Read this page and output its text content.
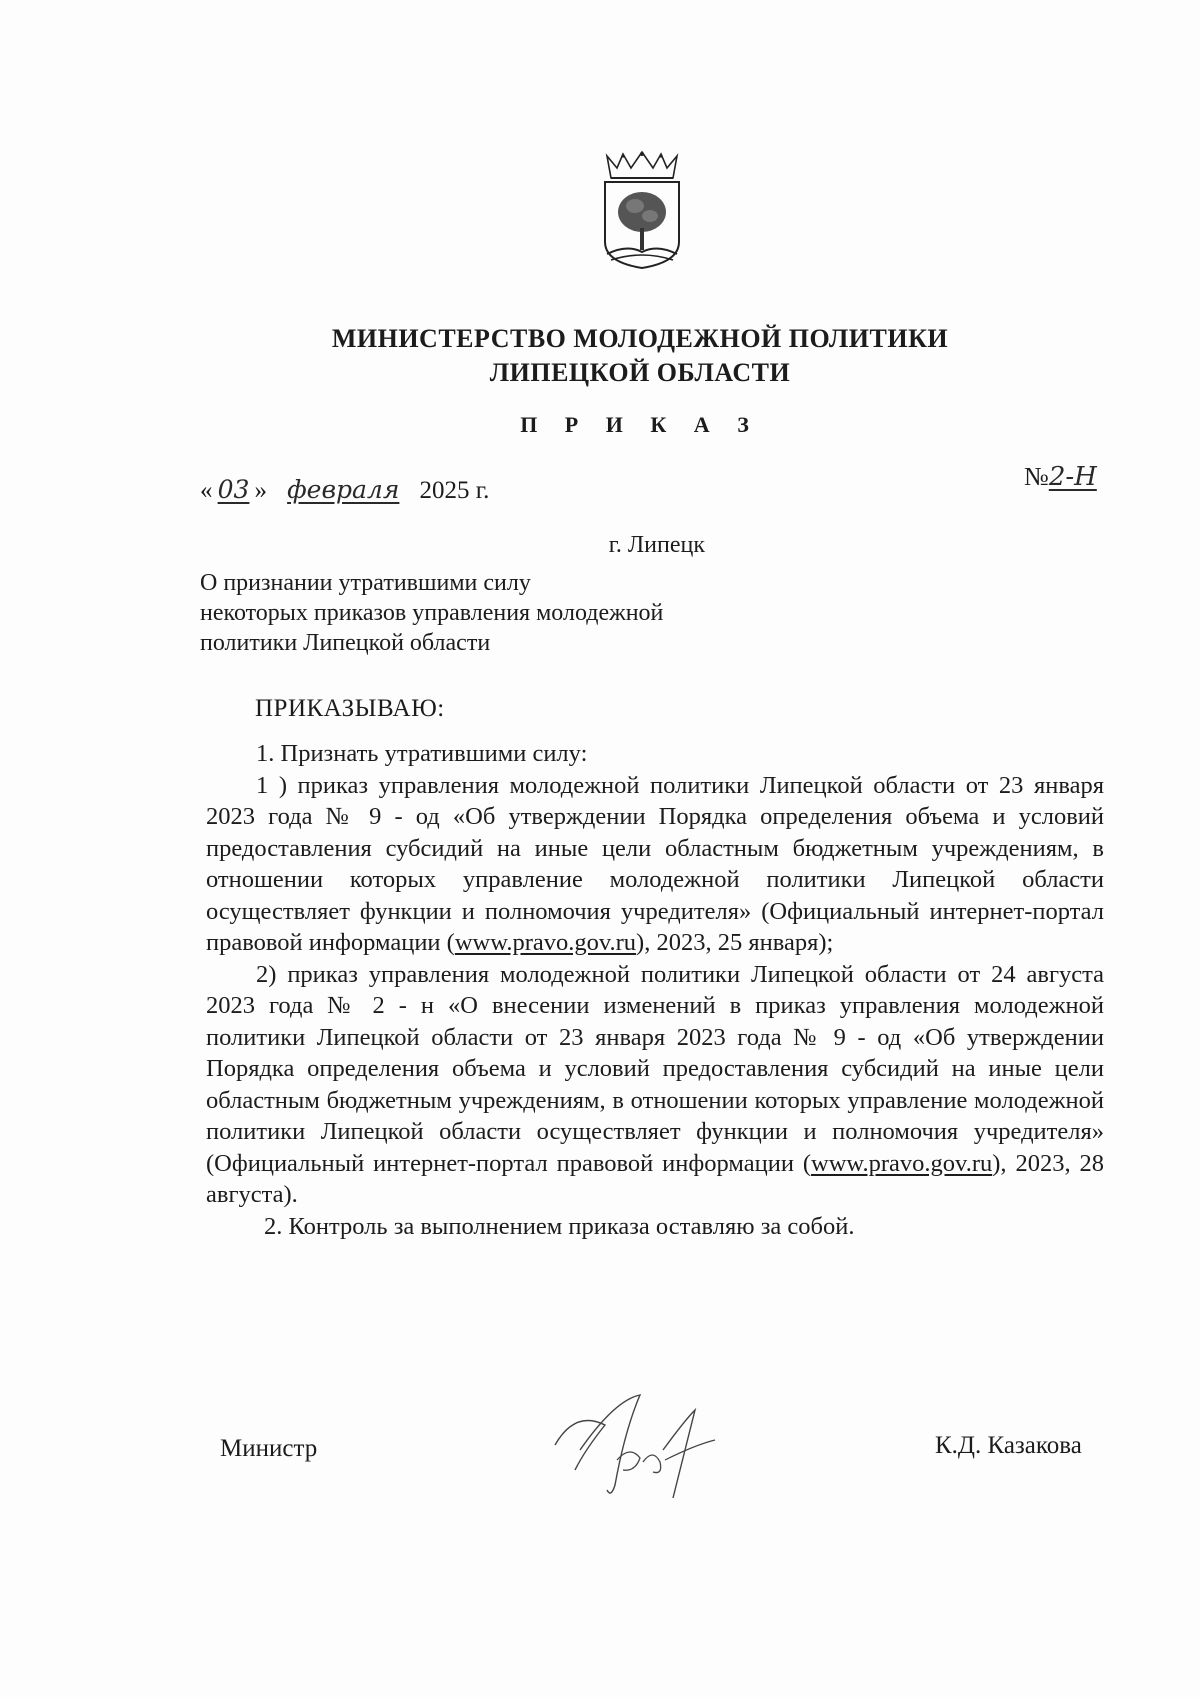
МИНИСТЕРСТВО МОЛОДЕЖНОЙ ПОЛИТИКИ
ЛИПЕЦКОЙ ОБЛАСТИ
П Р И К А З
« 03 » февраля 2025 г.	№2-Н
г. Липецк
О признании утратившими силу
некоторых приказов управления молодежной
политики Липецкой области
ПРИКАЗЫВАЮ:

1. Признать утратившими силу:

1 ) приказ управления молодежной политики Липецкой области от 23 января 2023 года № 9 - од «Об утверждении Порядка определения объема и условий предоставления субсидий на иные цели областным бюджетным учреждениям, в отношении которых управление молодежной политики Липецкой области осуществляет функции и полномочия учредителя» (Официальный интернет-портал правовой информации (www.pravo.gov.ru), 2023, 25 января);

2) приказ управления молодежной политики Липецкой области от 24 августа 2023 года № 2 - н «О внесении изменений в приказ управления молодежной политики Липецкой области от 23 января 2023 года № 9 - од «Об утверждении Порядка определения объема и условий предоставления субсидий на иные цели областным бюджетным учреждениям, в отношении которых управление молодежной политики Липецкой области осуществляет функции и полномочия учредителя» (Официальный интернет-портал правовой информации (www.pravo.gov.ru), 2023, 28 августа).

2. Контроль за выполнением приказа оставляю за собой.

Министр	К.Д. Казакова
